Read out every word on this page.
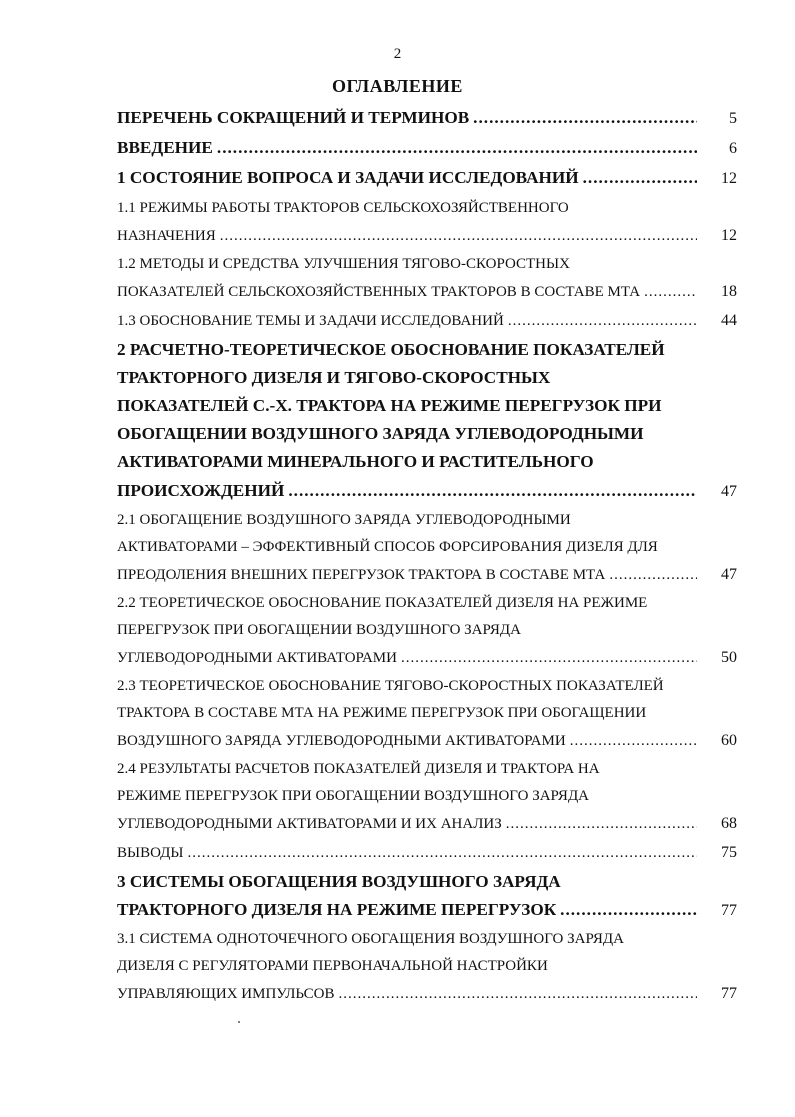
2
ОГЛАВЛЕНИЕ
ПЕРЕЧЕНЬ СОКРАЩЕНИЙ И ТЕРМИНОВ .....	5
ВВЕДЕНИЕ .....	6
1 СОСТОЯНИЕ ВОПРОСА И ЗАДАЧИ ИССЛЕДОВАНИЙ .....	12
1.1 РЕЖИМЫ РАБОТЫ ТРАКТОРОВ СЕЛЬСКОХОЗЯЙСТВЕННОГО
НАЗНАЧЕНИЯ .....	12
1.2 МЕТОДЫ И СРЕДСТВА УЛУЧШЕНИЯ ТЯГОВО-СКОРОСТНЫХ
ПОКАЗАТЕЛЕЙ СЕЛЬСКОХОЗЯЙСТВЕННЫХ ТРАКТОРОВ В СОСТАВЕ МТА .....	18
1.3 ОБОСНОВАНИЕ ТЕМЫ И ЗАДАЧИ ИССЛЕДОВАНИЙ .....	44
2 РАСЧЕТНО-ТЕОРЕТИЧЕСКОЕ ОБОСНОВАНИЕ ПОКАЗАТЕЛЕЙ
ТРАКТОРНОГО ДИЗЕЛЯ И ТЯГОВО-СКОРОСТНЫХ
ПОКАЗАТЕЛЕЙ С.-Х. ТРАКТОРА НА РЕЖИМЕ ПЕРЕГРУЗОК ПРИ
ОБОГАЩЕНИИ ВОЗДУШНОГО ЗАРЯДА УГЛЕВОДОРОДНЫМИ
АКТИВАТОРАМИ МИНЕРАЛЬНОГО И РАСТИТЕЛЬНОГО
ПРОИСХОЖДЕНИЙ .....	47
2.1 ОБОГАЩЕНИЕ ВОЗДУШНОГО ЗАРЯДА УГЛЕВОДОРОДНЫМИ
АКТИВАТОРАМИ – ЭФФЕКТИВНЫЙ СПОСОБ ФОРСИРОВАНИЯ ДИЗЕЛЯ ДЛЯ
ПРЕОДОЛЕНИЯ ВНЕШНИХ ПЕРЕГРУЗОК ТРАКТОРА В СОСТАВЕ МТА .....	47
2.2 ТЕОРЕТИЧЕСКОЕ ОБОСНОВАНИЕ ПОКАЗАТЕЛЕЙ ДИЗЕЛЯ НА РЕЖИМЕ
ПЕРЕГРУЗОК ПРИ ОБОГАЩЕНИИ ВОЗДУШНОГО ЗАРЯДА
УГЛЕВОДОРОДНЫМИ АКТИВАТОРАМИ .....	50
2.3 ТЕОРЕТИЧЕСКОЕ ОБОСНОВАНИЕ ТЯГОВО-СКОРОСТНЫХ ПОКАЗАТЕЛЕЙ
ТРАКТОРА В СОСТАВЕ МТА НА РЕЖИМЕ ПЕРЕГРУЗОК ПРИ ОБОГАЩЕНИИ
ВОЗДУШНОГО ЗАРЯДА УГЛЕВОДОРОДНЫМИ АКТИВАТОРАМИ .....	60
2.4 РЕЗУЛЬТАТЫ РАСЧЕТОВ ПОКАЗАТЕЛЕЙ ДИЗЕЛЯ И ТРАКТОРА НА
РЕЖИМЕ ПЕРЕГРУЗОК ПРИ ОБОГАЩЕНИИ ВОЗДУШНОГО ЗАРЯДА
УГЛЕВОДОРОДНЫМИ АКТИВАТОРАМИ И ИХ АНАЛИЗ .....	68
ВЫВОДЫ .....	75
3 СИСТЕМЫ ОБОГАЩЕНИЯ ВОЗДУШНОГО ЗАРЯДА
ТРАКТОРНОГО ДИЗЕЛЯ НА РЕЖИМЕ ПЕРЕГРУЗОК .....	77
3.1 СИСТЕМА ОДНОТОЧЕЧНОГО ОБОГАЩЕНИЯ ВОЗДУШНОГО ЗАРЯДА
ДИЗЕЛЯ С РЕГУЛЯТОРАМИ ПЕРВОНАЧАЛЬНОЙ НАСТРОЙКИ
УПРАВЛЯЮЩИХ ИМПУЛЬСОВ .....	77
